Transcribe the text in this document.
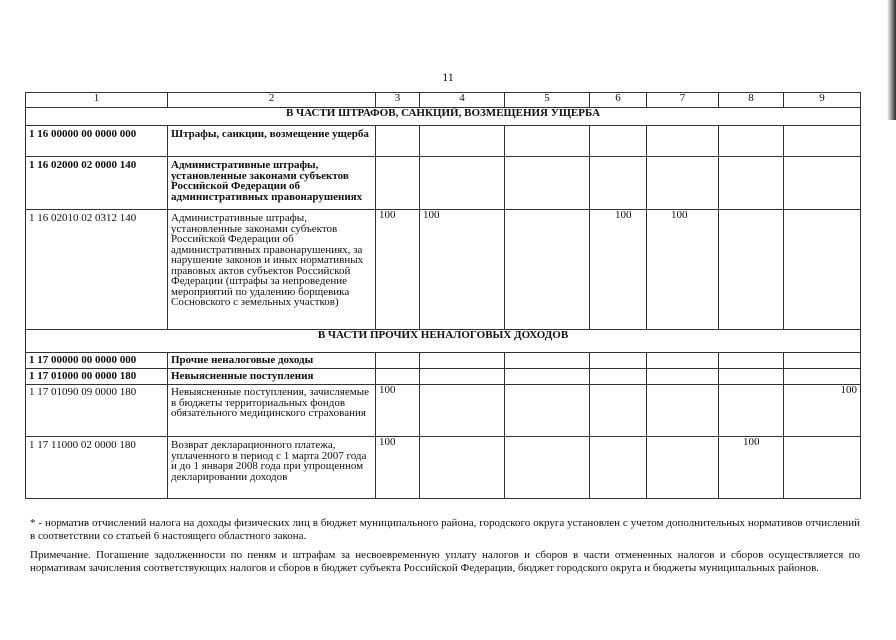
11
1	2	3	4	5	6	7	8	9
В ЧАСТИ ШТРАФОВ, САНКЦИЙ, ВОЗМЕЩЕНИЯ УЩЕРБА								
1 16 00000 00 0000 000	Штрафы, санкции, возмещение ущерба							
1 16 02000 02 0000 140	Административные штрафы, установленные законами субъектов Российской Федерации об административных правонарушениях							
1 16 02010 02 0312 140	Административные штрафы, установленные законами субъектов Российской Федерации об административных правонарушениях, за нарушение законов и иных нормативных правовых актов субъектов Российской Федерации (штрафы за непроведение мероприятий по удалению борщевика Сосновского с земельных участков)	100	100		100	100		
В ЧАСТИ ПРОЧИХ НЕНАЛОГОВЫХ ДОХОДОВ								
1 17 00000 00 0000 000	Прочие неналоговые доходы							
1 17 01000 00 0000 180	Невыясненные поступления							
1 17 01090 09 0000 180	Невыясненные поступления, зачисляемые в бюджеты территориальных фондов обязательного медицинского страхования	100						100
1 17 11000 02 0000 180	Возврат декларационного платежа, уплаченного в период с 1 марта 2007 года и до 1 января 2008 года при упрощенном декларировании доходов	100					100	
* - норматив отчислений налога на доходы физических лиц в бюджет муниципального района, городского округа установлен с учетом дополнительных нормативов отчислений в соответствии со статьей 6 настоящего областного закона.
Примечание. Погашение задолженности по пеням и штрафам за несвоевременную уплату налогов и сборов в части отмененных налогов и сборов осуществляется по нормативам зачисления соответствующих налогов и сборов в бюджет субъекта Российской Федерации, бюджет городского округа и бюджеты муниципальных районов.
